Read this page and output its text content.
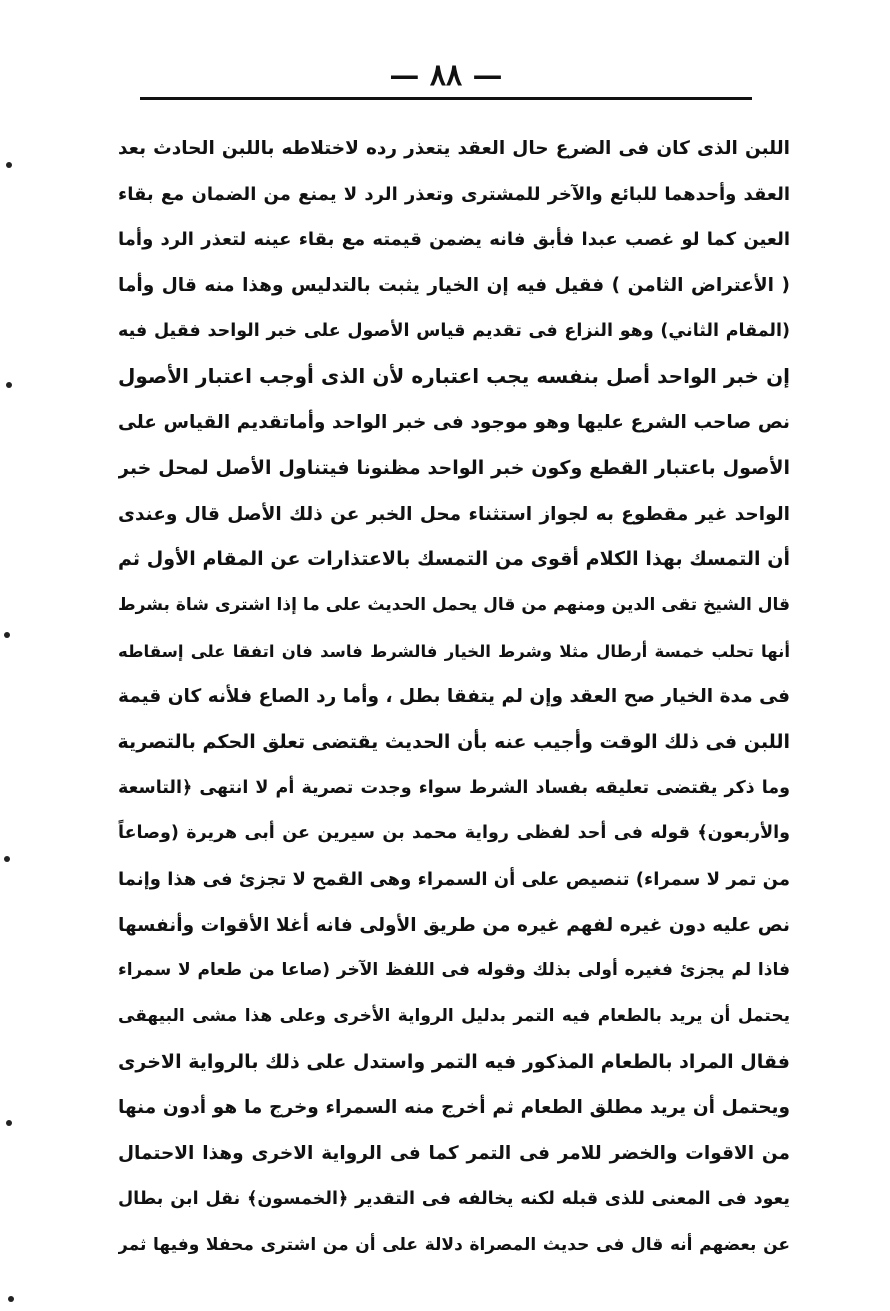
— ٨٨ —
اللبن الذى كان فى الضرع حال العقد يتعذر رده لاختلاطه باللبن الحادث بعد
العقد وأحدهما للبائع والآخر للمشترى وتعذر الرد لا يمنع من الضمان مع بقاء
العين كما لو غصب عبدا فأبق فانه يضمن قيمته مع بقاء عينه لتعذر الرد وأما
( الأعتراض الثامن ) فقيل فيه إن الخيار يثبت بالتدليس وهذا منه قال وأما
(المقام الثاني) وهو النزاع فى تقديم قياس الأصول على خبر الواحد فقيل فيه
إن خبر الواحد أصل بنفسه يجب اعتباره لأن الذى أوجب اعتبار الأصول
نص صاحب الشرع عليها وهو موجود فى خبر الواحد وأماتقديم القياس على
الأصول باعتبار القطع وكون خبر الواحد مظنونا فيتناول الأصل لمحل خبر
الواحد غير مقطوع به لجواز استثناء محل الخبر عن ذلك الأصل قال وعندى
أن التمسك بهذا الكلام أقوى من التمسك بالاعتذارات عن المقام الأول ثم
قال الشيخ تقى الدين ومنهم من قال يحمل الحديث على ما إذا اشترى شاة بشرط
أنها تحلب خمسة أرطال مثلا وشرط الخيار فالشرط فاسد فان اتفقا على إسقاطه
فى مدة الخيار صح العقد وإن لم يتفقا بطل ، وأما رد الصاع فلأنه كان قيمة
اللبن فى ذلك الوقت وأجيب عنه بأن الحديث يقتضى تعلق الحكم بالتصرية
وما ذكر يقتضى تعليقه بفساد الشرط سواء وجدت تصرية أم لا انتهى ﴿التاسعة
والأربعون﴾ قوله فى أحد لفظى رواية محمد بن سيرين عن أبى هريرة (وصاعاً
من تمر لا سمراء) تنصيص على أن السمراء وهى القمح لا تجزئ فى هذا وإنما
نص عليه دون غيره لفهم غيره من طريق الأولى فانه أغلا الأقوات وأنفسها
فاذا لم يجزئ فغيره أولى بذلك وقوله فى اللفظ الآخر (صاعا من طعام لا سمراء
يحتمل أن يريد بالطعام فيه التمر بدليل الرواية الأخرى وعلى هذا مشى البيهقى
فقال المراد بالطعام المذكور فيه التمر واستدل على ذلك بالرواية الاخرى
ويحتمل أن يريد مطلق الطعام ثم أخرج منه السمراء وخرج ما هو أدون منها
من الاقوات والخضر للامر فى التمر كما فى الرواية الاخرى وهذا الاحتمال
يعود فى المعنى للذى قبله لكنه يخالفه فى التقدير ﴿الخمسون﴾ نقل ابن بطال
عن بعضهم أنه قال فى حديث المصراة دلالة على أن من اشترى محفلا وفيها ثمر
